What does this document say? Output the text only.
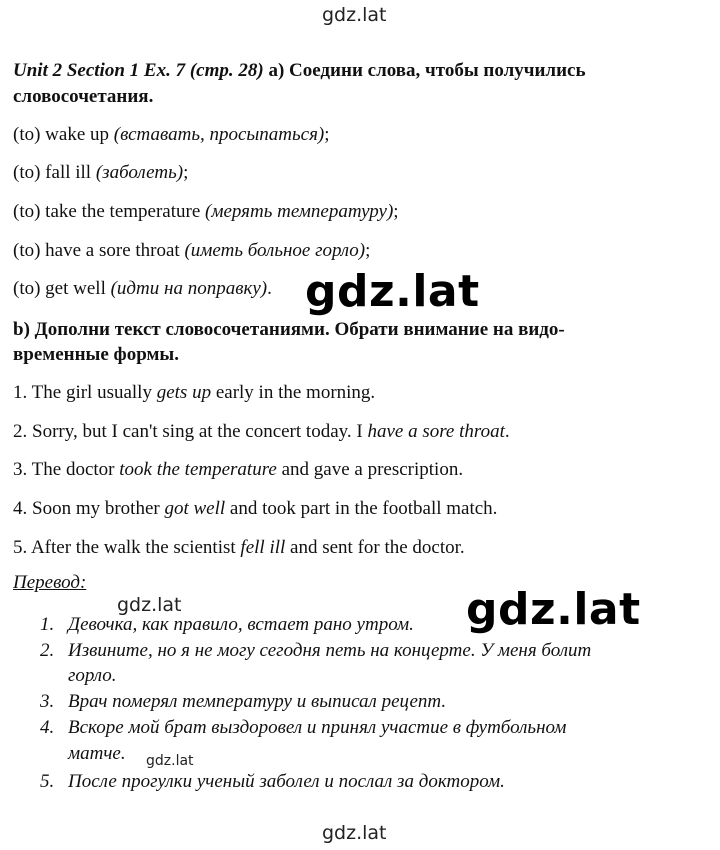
gdz.lat
Unit 2 Section 1 Ex. 7 (стр. 28) a) Соедини слова, чтобы получились
словосочетания.
(to) wake up (вставать, просыпаться);
(to) fall ill (заболеть);
(to) take the temperature (мерять температуру);
(to) have a sore throat (иметь больное горло);
(to) get well (идти на поправку). gdz.lat
b) Дополни текст словосочетаниями. Обрати внимание на видо-
временные формы.
1. The girl usually gets up early in the morning.
2. Sorry, but I can't sing at the concert today. I have a sore throat.
3. The doctor took the temperature and gave a prescription.
4. Soon my brother got well and took part in the football match.
5. After the walk the scientist fell ill and sent for the doctor.
Перевод:
gdz.lat	gdz.lat
1. Девочка, как правило, встает рано утром.
2. Извините, но я не могу сегодня петь на концерте. У меня болит
горло.
3. Врач померял температуру и выписал рецепт.
4. Вскоре мой брат выздоровел и принял участие в футбольном
матче. gdz.lat
5. После прогулки ученый заболел и послал за доктором.
gdz.lat
